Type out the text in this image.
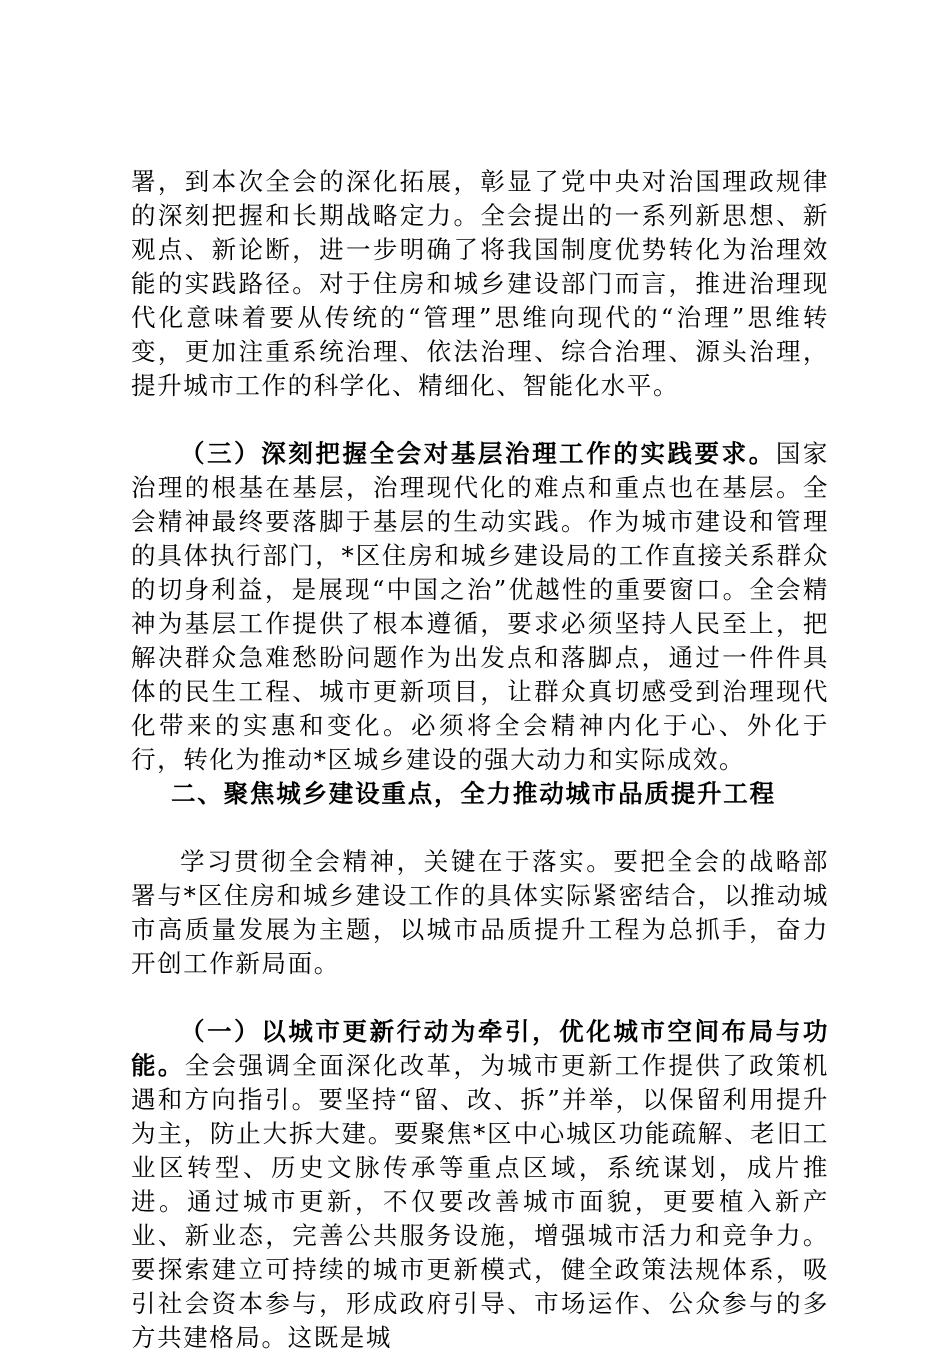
署，到本次全会的深化拓展，彰显了党中央对治国理政规律的深刻把握和长期战略定力。全会提出的一系列新思想、新观点、新论断，进一步明确了将我国制度优势转化为治理效能的实践路径。对于住房和城乡建设部门而言，推进治理现代化意味着要从传统的“管理”思维向现代的“治理”思维转变，更加注重系统治理、依法治理、综合治理、源头治理，提升城市工作的科学化、精细化、智能化水平。

（三）深刻把握全会对基层治理工作的实践要求。国家治理的根基在基层，治理现代化的难点和重点也在基层。全会精神最终要落脚于基层的生动实践。作为城市建设和管理的具体执行部门，*区住房和城乡建设局的工作直接关系群众的切身利益，是展现“中国之治”优越性的重要窗口。全会精神为基层工作提供了根本遵循，要求必须坚持人民至上，把解决群众急难愁盼问题作为出发点和落脚点，通过一件件具体的民生工程、城市更新项目，让群众真切感受到治理现代化带来的实惠和变化。必须将全会精神内化于心、外化于行，转化为推动*区城乡建设的强大动力和实际成效。

二、聚焦城乡建设重点，全力推动城市品质提升工程

学习贯彻全会精神，关键在于落实。要把全会的战略部署与*区住房和城乡建设工作的具体实际紧密结合，以推动城市高质量发展为主题，以城市品质提升工程为总抓手，奋力开创工作新局面。

（一）以城市更新行动为牵引，优化城市空间布局与功能。全会强调全面深化改革，为城市更新工作提供了政策机遇和方向指引。要坚持“留、改、拆”并举，以保留利用提升为主，防止大拆大建。要聚焦*区中心城区功能疏解、老旧工业区转型、历史文脉传承等重点区域，系统谋划，成片推进。通过城市更新，不仅要改善城市面貌，更要植入新产业、新业态，完善公共服务设施，增强城市活力和竞争力。要探索建立可持续的城市更新模式，健全政策法规体系，吸引社会资本参与，形成政府引导、市场运作、公众参与的多方共建格局。这既是城
